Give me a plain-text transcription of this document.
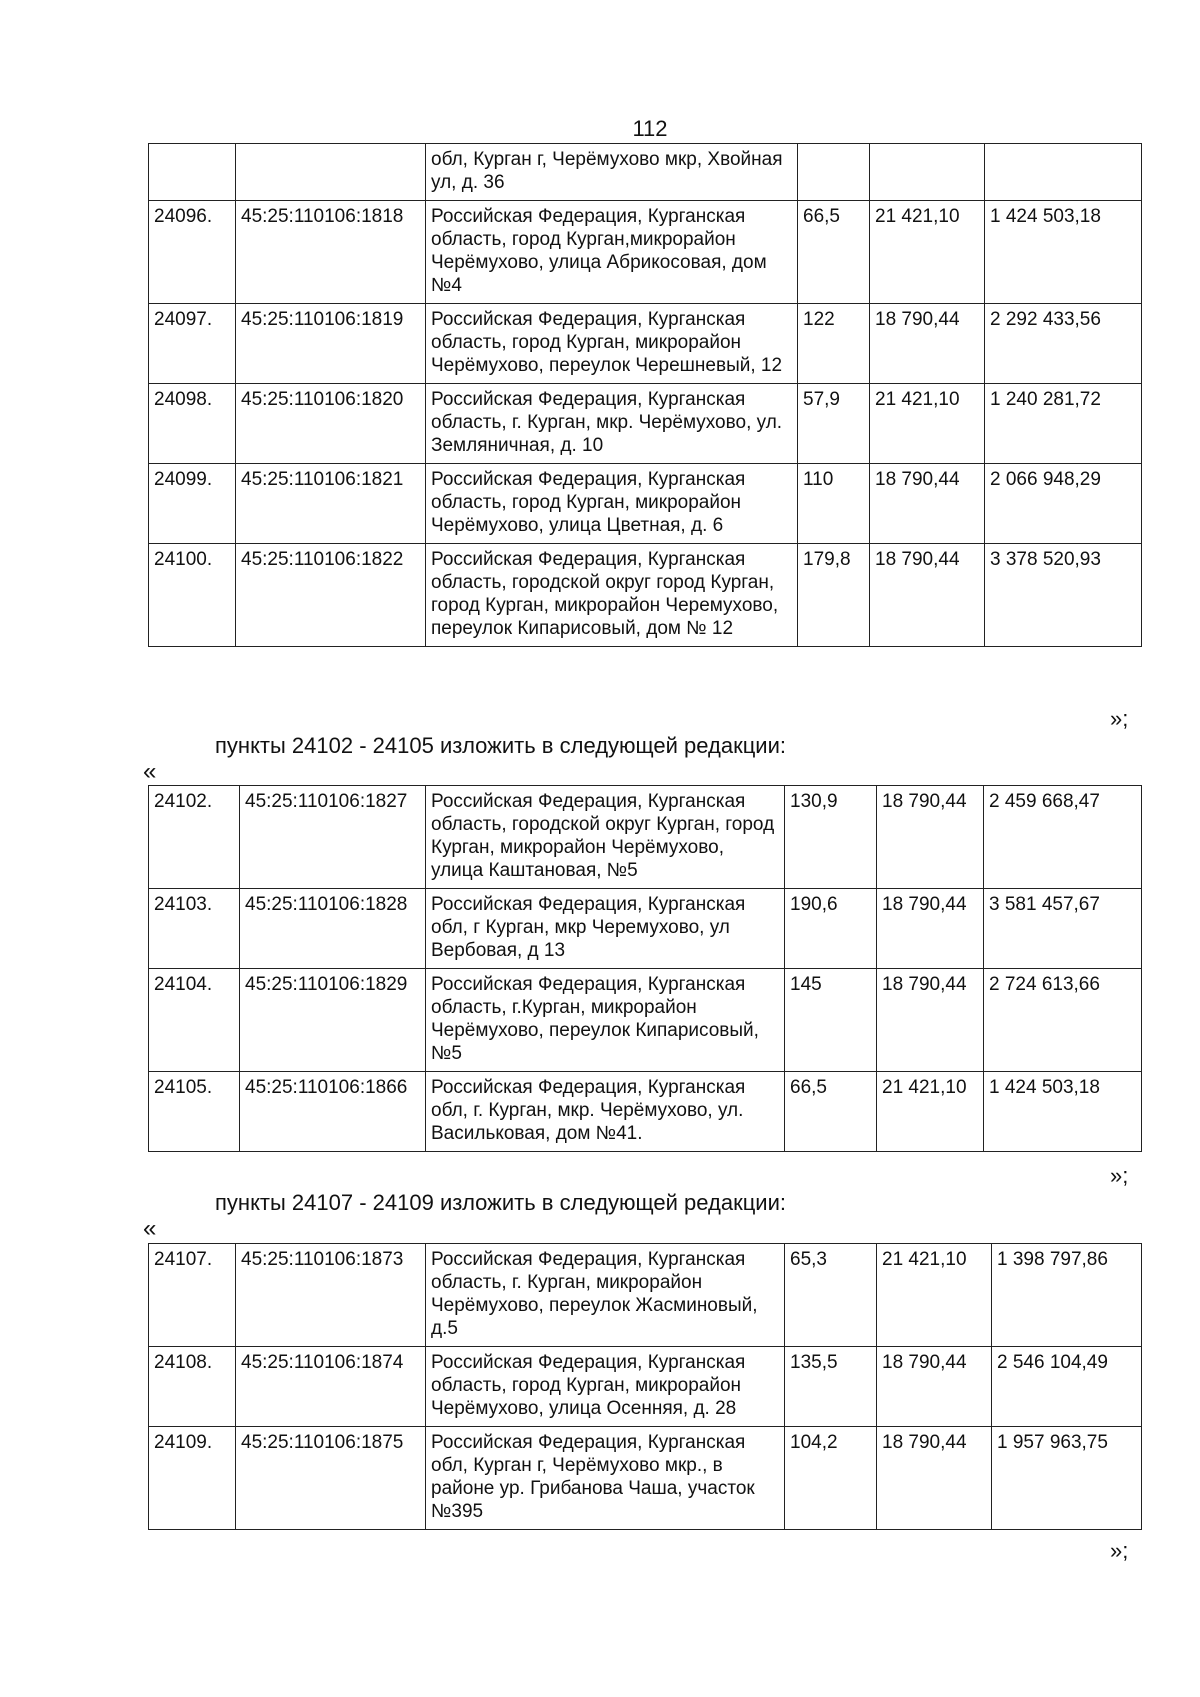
112
		обл, Курган г, Черёмухово мкр, Хвойная ул, д. 36			
24096.	45:25:110106:1818	Российская Федерация, Курганская область, город Курган,микрорайон Черёмухово, улица Абрикосовая, дом №4	66,5	21 421,10	1 424 503,18
24097.	45:25:110106:1819	Российская Федерация, Курганская область, город Курган, микрорайон Черёмухово, переулок Черешневый, 12	122	18 790,44	2 292 433,56
24098.	45:25:110106:1820	Российская Федерация, Курганская область, г. Курган, мкр. Черёмухово, ул. Земляничная, д. 10	57,9	21 421,10	1 240 281,72
24099.	45:25:110106:1821	Российская Федерация, Курганская область, город Курган, микрорайон Черёмухово, улица Цветная, д. 6	110	18 790,44	2 066 948,29
24100.	45:25:110106:1822	Российская Федерация, Курганская область, городской округ город Курган, город Курган, микрорайон Черемухово, переулок Кипарисовый, дом № 12	179,8	18 790,44	3 378 520,93
»;
пункты 24102 - 24105 изложить в следующей редакции:
«
24102.	45:25:110106:1827	Российская Федерация, Курганская область, городской округ Курган, город Курган, микрорайон Черёмухово, улица Каштановая, №5	130,9	18 790,44	2 459 668,47
24103.	45:25:110106:1828	Российская Федерация, Курганская обл, г Курган, мкр Черемухово, ул Вербовая, д 13	190,6	18 790,44	3 581 457,67
24104.	45:25:110106:1829	Российская Федерация, Курганская область, г.Курган, микрорайон Черёмухово, переулок Кипарисовый, №5	145	18 790,44	2 724 613,66
24105.	45:25:110106:1866	Российская Федерация, Курганская обл, г. Курган, мкр. Черёмухово, ул. Васильковая, дом №41.	66,5	21 421,10	1 424 503,18
»;
пункты 24107 - 24109 изложить в следующей редакции:
«
24107.	45:25:110106:1873	Российская Федерация, Курганская область, г. Курган, микрорайон Черёмухово, переулок Жасминовый, д.5	65,3	21 421,10	1 398 797,86
24108.	45:25:110106:1874	Российская Федерация, Курганская область, город Курган, микрорайон Черёмухово, улица Осенняя, д. 28	135,5	18 790,44	2 546 104,49
24109.	45:25:110106:1875	Российская Федерация, Курганская обл, Курган г, Черёмухово мкр., в районе ур. Грибанова Чаша, участок №395	104,2	18 790,44	1 957 963,75
»;
